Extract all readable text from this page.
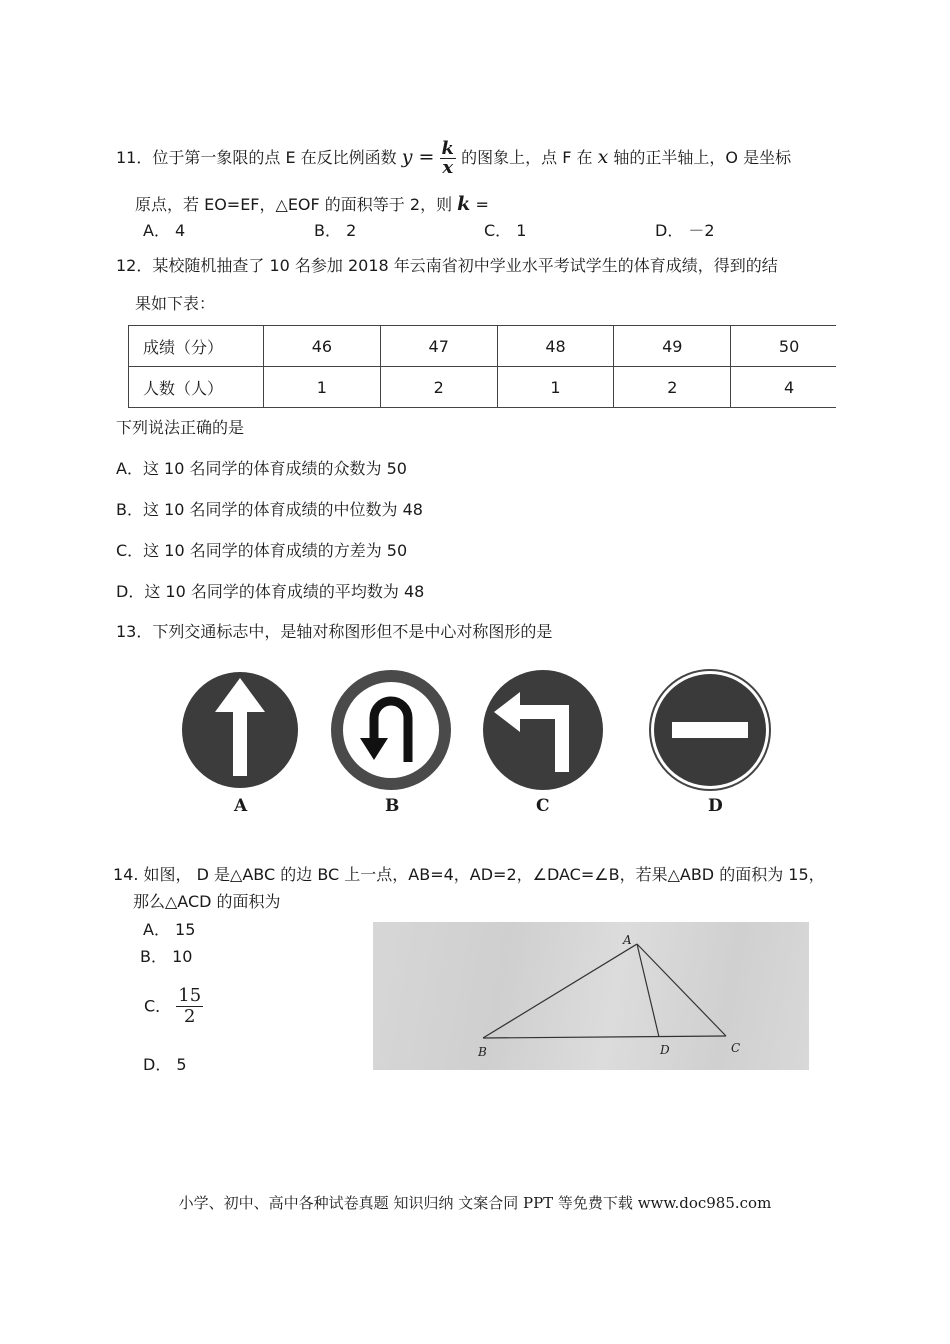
11．位于第一象限的点 E 在反比例函数 $y = \frac{k}{x}$ 的图象上，点 F 在 x 轴的正半轴上，O 是坐标
原点，若 EO=EF，△EOF 的面积等于 2，则 k =
A． 4	B． 2	C． 1	D． －2
12．某校随机抽查了 10 名参加 2018 年云南省初中学业水平考试学生的体育成绩，得到的结
果如下表：
成绩（分）	46	47	48	49	50
人数（人）	1	2	1	2	4
下列说法正确的是
A．这 10 名同学的体育成绩的众数为 50
B．这 10 名同学的体育成绩的中位数为 48
C．这 10 名同学的体育成绩的方差为 50
D．这 10 名同学的体育成绩的平均数为 48
13．下列交通标志中，是轴对称图形但不是中心对称图形的是
A	B	C	D
14. 如图， D 是△ABC 的边 BC 上一点，AB=4，AD=2，∠DAC=∠B，若果△ABD 的面积为 15，
那么△ACD 的面积为
A． 15
B． 10
C． $\frac{15}{2}$
D． 5
A
B	D	C
小学、初中、高中各种试卷真题 知识归纳 文案合同 PPT 等免费下载 www.doc985.com
